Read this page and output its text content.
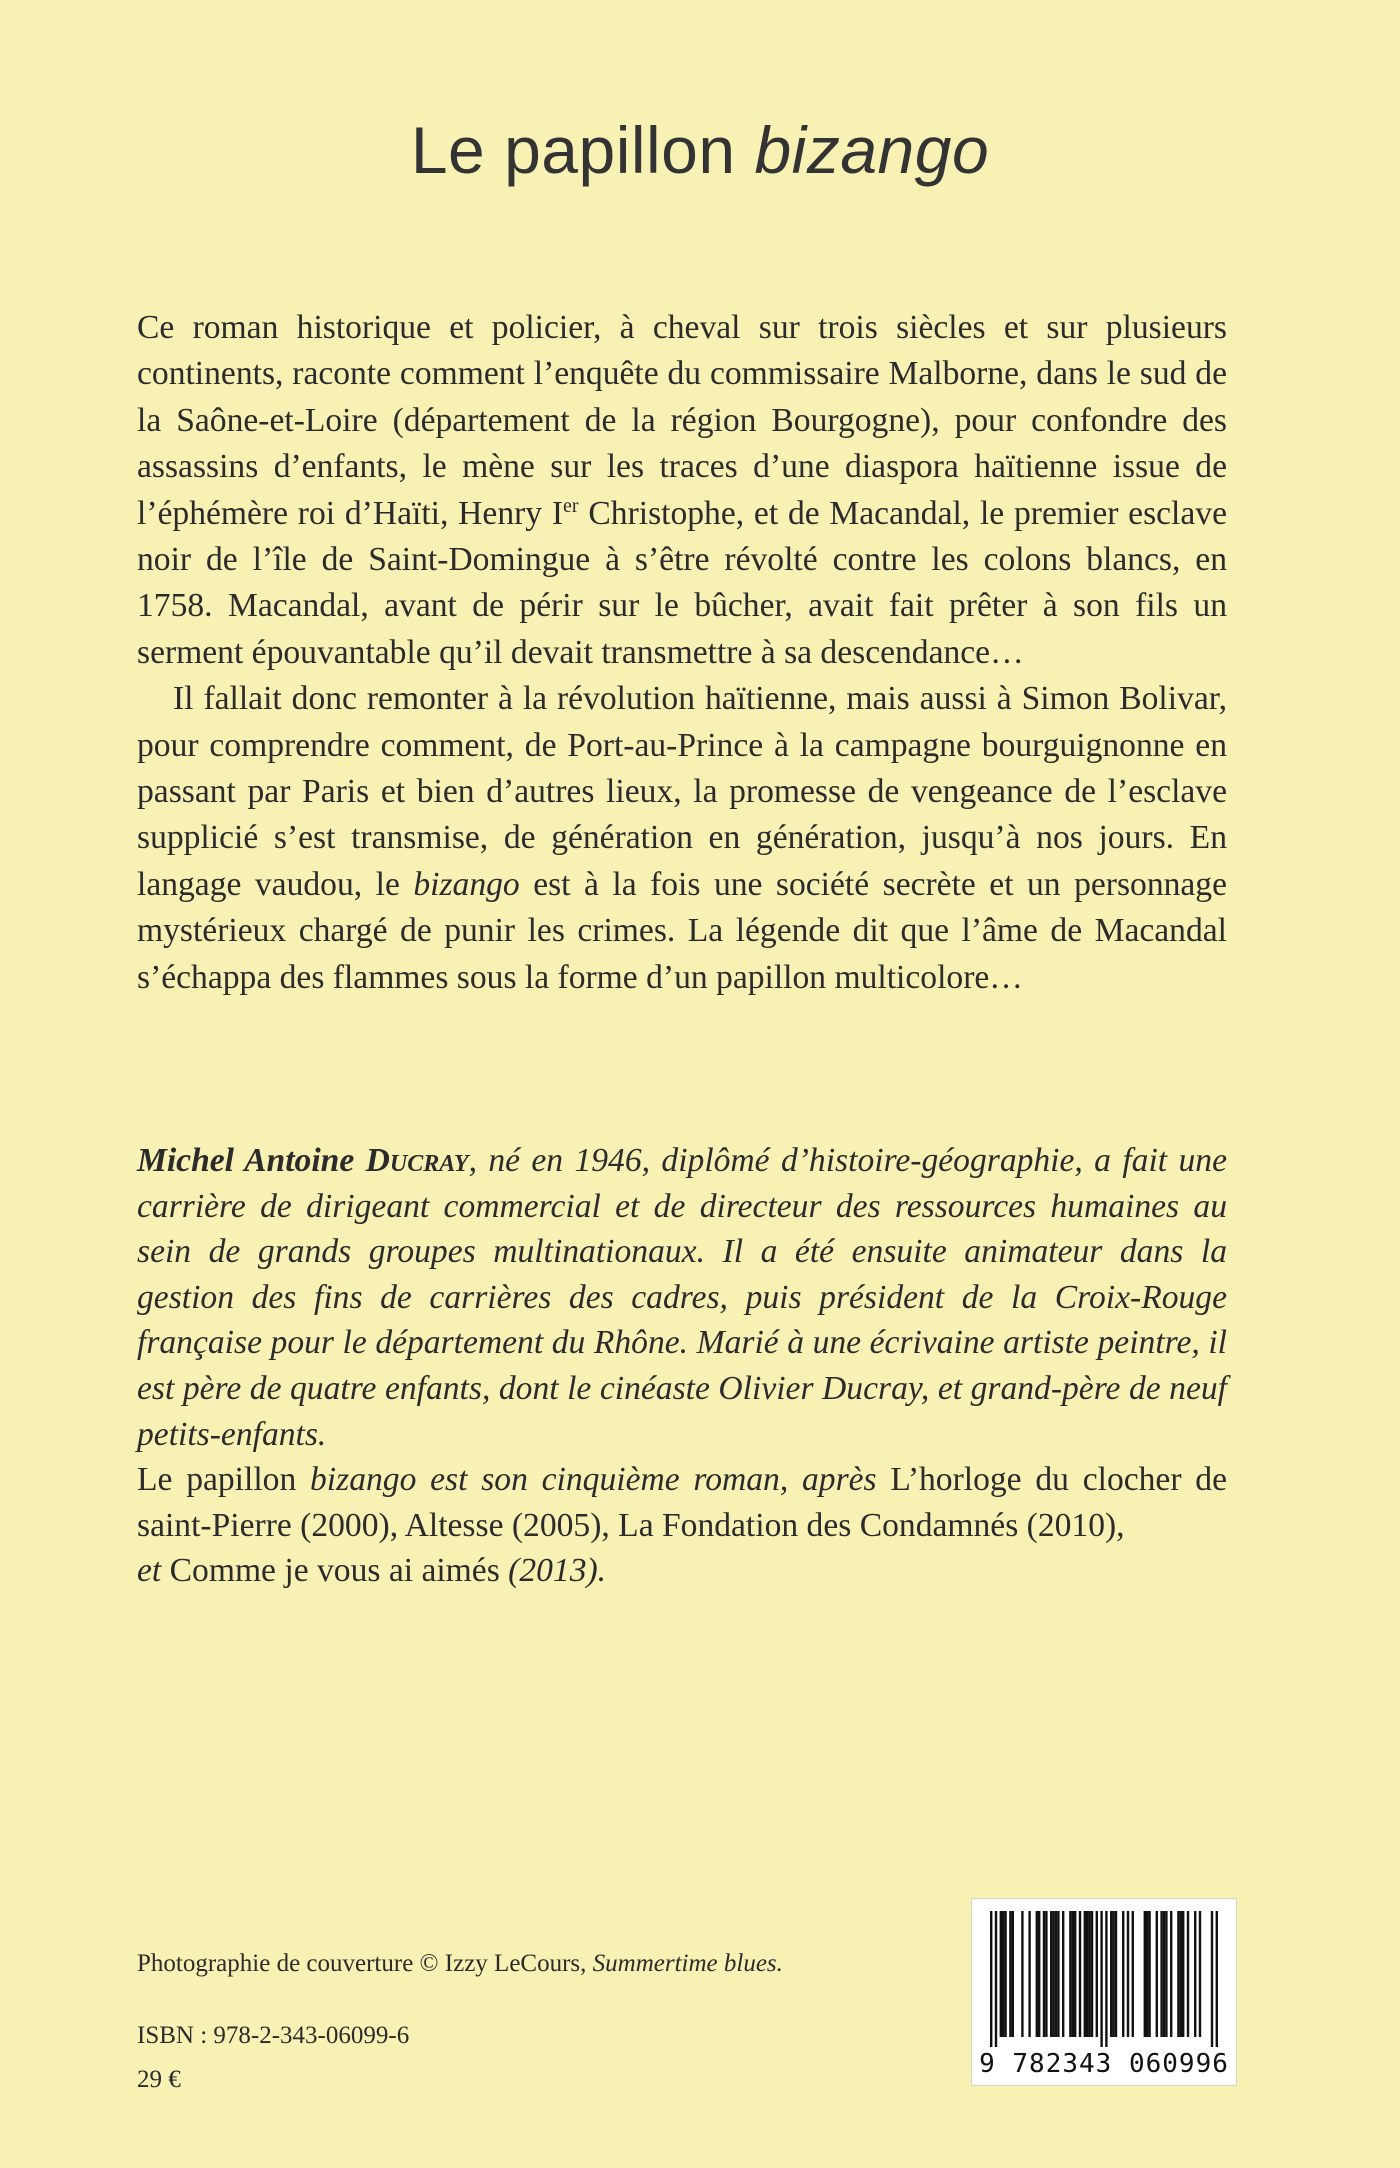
Le papillon bizango

Ce roman historique et policier, à cheval sur trois siècles et sur plusieurs continents, raconte comment l’enquête du commissaire Malborne, dans le sud de la Saône-et-Loire (département de la région Bourgogne), pour confondre des assassins d’enfants, le mène sur les traces d’une diaspora haïtienne issue de l’éphémère roi d’Haïti, Henry Ier Christophe, et de Macandal, le premier esclave noir de l’île de Saint-Domingue à s’être révolté contre les colons blancs, en 1758. Macandal, avant de périr sur le bûcher, avait fait prêter à son fils un serment épouvantable qu’il devait transmettre à sa descendance…

Il fallait donc remonter à la révolution haïtienne, mais aussi à Simon Bolivar, pour comprendre comment, de Port-au-Prince à la campagne bourguignonne en passant par Paris et bien d’autres lieux, la promesse de vengeance de l’esclave supplicié s’est transmise, de génération en génération, jusqu’à nos jours. En langage vaudou, le bizango est à la fois une société secrète et un personnage mystérieux chargé de punir les crimes. La légende dit que l’âme de Macandal s’échappa des flammes sous la forme d’un papillon multicolore…

Michel Antoine Ducray, né en 1946, diplômé d’histoire-géographie, a fait une carrière de dirigeant commercial et de directeur des ressources humaines au sein de grands groupes multinationaux. Il a été ensuite animateur dans la gestion des fins de carrières des cadres, puis président de la Croix-Rouge française pour le département du Rhône. Marié à une écrivaine artiste peintre, il est père de quatre enfants, dont le cinéaste Olivier Ducray, et grand-père de neuf petits-enfants.
Le papillon bizango est son cinquième roman, après L’horloge du clocher de saint-Pierre (2000), Altesse (2005), La Fondation des Condamnés (2010),
et Comme je vous ai aimés (2013).
Photographie de couverture © Izzy LeCours, Summertime blues.
ISBN : 978-2-343-06099-6
29 €
9 782343 060996
